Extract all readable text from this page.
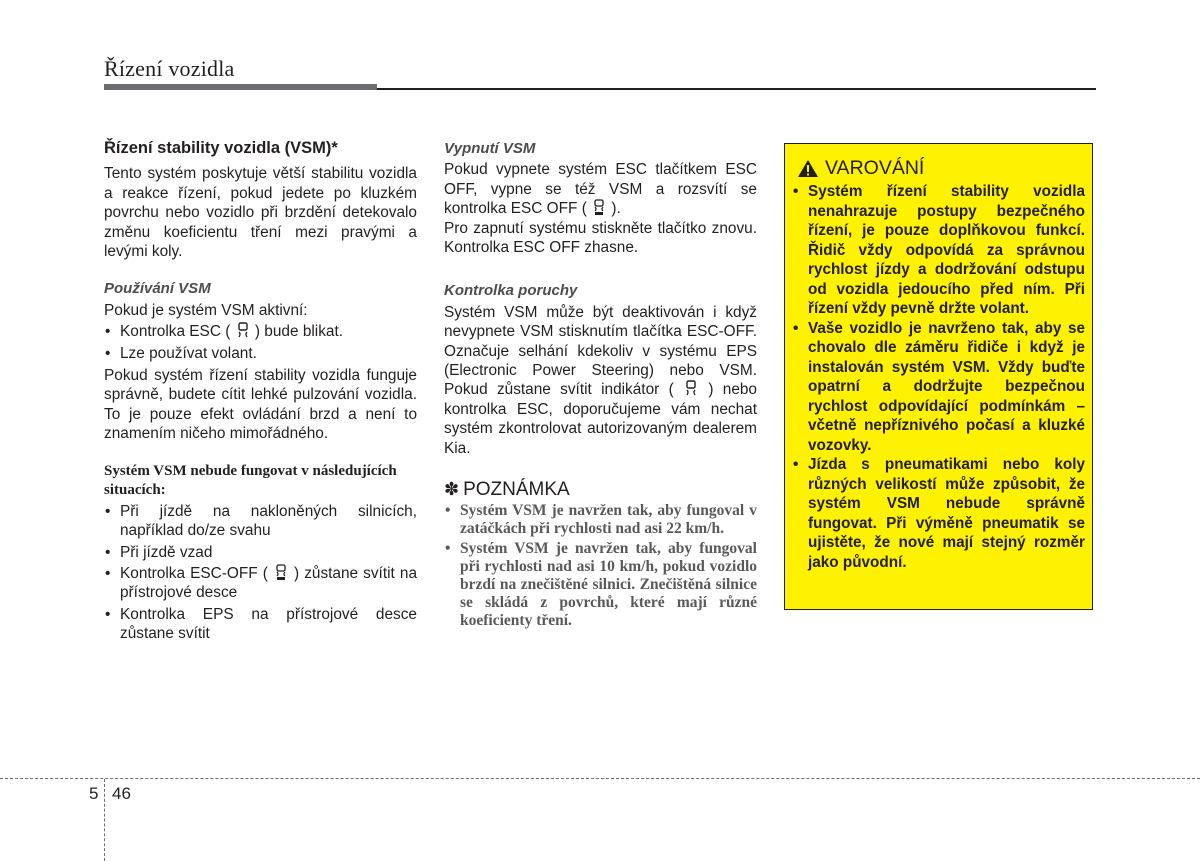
Řízení vozidla

Řízení stability vozidla (VSM)*

Tento systém poskytuje větší stabilitu vozidla a reakce řízení, pokud jedete po kluzkém povrchu nebo vozidlo při brzdění detekovalo změnu koeficientu tření mezi pravými a levými koly.

Používání VSM

Pokud je systém VSM aktivní:

• Kontrolka ESC ( ) bude blikat.
• Lze používat volant.

Pokud systém řízení stability vozidla funguje správně, budete cítit lehké pulzování vozidla. To je pouze efekt ovládání brzd a není to znamením ničeho mimořádného.

Systém VSM nebude fungovat v následujících situacích:

• Při jízdě na nakloněných silnicích, například do/ze svahu
• Při jízdě vzad
• Kontrolka ESC-OFF ( ) zůstane svítit na přístrojové desce
• Kontrolka EPS na přístrojové desce zůstane svítit

Vypnutí VSM

Pokud vypnete systém ESC tlačítkem ESC OFF, vypne se též VSM a rozsvítí se kontrolka ESC OFF ( ).

Pro zapnutí systému stiskněte tlačítko znovu. Kontrolka ESC OFF zhasne.

Kontrolka poruchy

Systém VSM může být deaktivován i když nevypnete VSM stisknutím tlačítka ESC-OFF. Označuje selhání kdekoliv v systému EPS (Electronic Power Steering) nebo VSM. Pokud zůstane svítit indikátor ( ) nebo kontrolka ESC, doporučujeme vám nechat systém zkontrolovat autorizovaným dealerem Kia.

✽ POZNÁMKA
• Systém VSM je navržen tak, aby fungoval v zatáčkách při rychlosti nad asi 22 km/h.
• Systém VSM je navržen tak, aby fungoval při rychlosti nad asi 10 km/h, pokud vozidlo brzdí na znečištěné silnici. Znečištěná silnice se skládá z povrchů, které mají různé koeficienty tření.
VAROVÁNÍ
• Systém řízení stability vozidla nenahrazuje postupy bezpečného řízení, je pouze doplňkovou funkcí. Řidič vždy odpovídá za správnou rychlost jízdy a dodržování odstupu od vozidla jedoucího před ním. Při řízení vždy pevně držte volant.
• Vaše vozidlo je navrženo tak, aby se chovalo dle záměru řidiče i když je instalován systém VSM. Vždy buďte opatrní a dodržujte bezpečnou rychlost odpovídající podmínkám – včetně nepříznivého počasí a kluzké vozovky.
• Jízda s pneumatikami nebo koly různých velikostí může způsobit, že systém VSM nebude správně fungovat. Při výměně pneumatik se ujistěte, že nové mají stejný rozměr jako původní.
5 46
